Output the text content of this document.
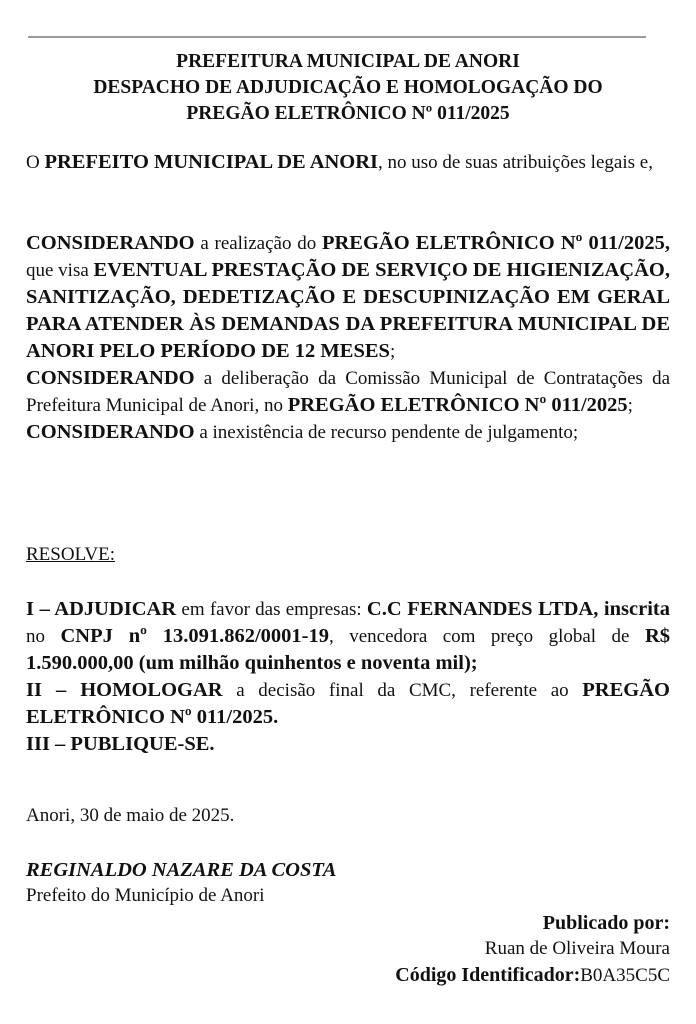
PREFEITURA MUNICIPAL DE ANORI
DESPACHO DE ADJUDICAÇÃO E HOMOLOGAÇÃO DO
PREGÃO ELETRÔNICO Nº 011/2025
O PREFEITO MUNICIPAL DE ANORI, no uso de suas atribuições legais e,
CONSIDERANDO a realização do PREGÃO ELETRÔNICO Nº 011/2025, que visa EVENTUAL PRESTAÇÃO DE SERVIÇO DE HIGIENIZAÇÃO, SANITIZAÇÃO, DEDETIZAÇÃO E DESCUPINIZAÇÃO EM GERAL PARA ATENDER ÀS DEMANDAS DA PREFEITURA MUNICIPAL DE ANORI PELO PERÍODO DE 12 MESES;
CONSIDERANDO a deliberação da Comissão Municipal de Contratações da Prefeitura Municipal de Anori, no PREGÃO ELETRÔNICO Nº 011/2025;
CONSIDERANDO a inexistência de recurso pendente de julgamento;
RESOLVE:
I – ADJUDICAR em favor das empresas: C.C FERNANDES LTDA, inscrita no CNPJ nº 13.091.862/0001-19, vencedora com preço global de R$ 1.590.000,00 (um milhão quinhentos e noventa mil);
II – HOMOLOGAR a decisão final da CMC, referente ao PREGÃO ELETRÔNICO Nº 011/2025.
III – PUBLIQUE-SE.
Anori, 30 de maio de 2025.
REGINALDO NAZARE DA COSTA
Prefeito do Município de Anori
Publicado por:
Ruan de Oliveira Moura
Código Identificador:B0A35C5C
